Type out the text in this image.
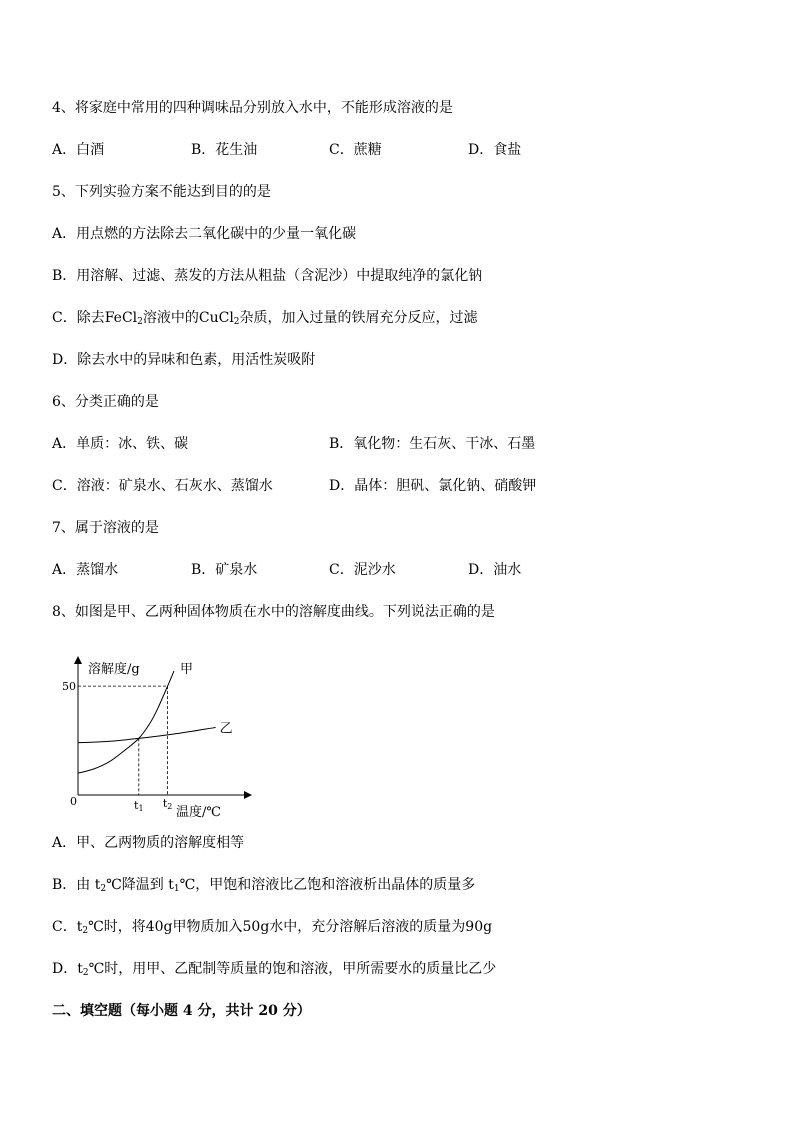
4、将家庭中常用的四种调味品分别放入水中，不能形成溶液的是
A．白酒	B．花生油	C．蔗糖	D．食盐
5、下列实验方案不能达到目的的是
A．用点燃的方法除去二氧化碳中的少量一氧化碳
B．用溶解、过滤、蒸发的方法从粗盐（含泥沙）中提取纯净的氯化钠
C．除去FeCl$_2$溶液中的CuCl$_2$杂质，加入过量的铁屑充分反应，过滤
D．除去水中的异味和色素，用活性炭吸附
6、分类正确的是
A．单质：冰、铁、碳	B．氧化物：生石灰、干冰、石墨
C．溶液：矿泉水、石灰水、蒸馏水	D．晶体：胆矾、氯化钠、硝酸钾
7、属于溶液的是
A．蒸馏水	B．矿泉水	C．泥沙水	D．油水
8、如图是甲、乙两种固体物质在水中的溶解度曲线。下列说法正确的是
溶解度/g
温度/℃
0
50
t1 t2
甲
乙
A．甲、乙两物质的溶解度相等
B．由 $t_2℃$降温到 $t_1℃$，甲饱和溶液比乙饱和溶液析出晶体的质量多
C．$t_2℃$时，将40g甲物质加入50g水中，充分溶解后溶液的质量为90g
D．$t_2℃$时，用甲、乙配制等质量的饱和溶液，甲所需要水的质量比乙少
二、填空题（每小题 4 分，共计 20 分）
